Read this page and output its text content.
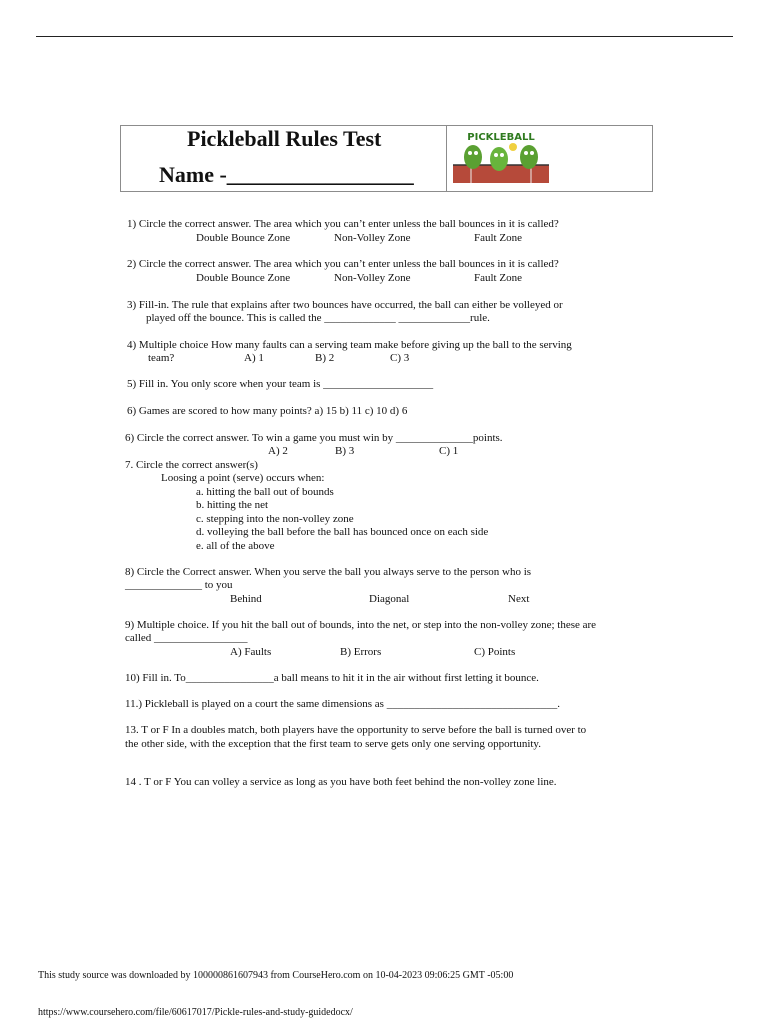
Pickleball Rules Test
Name -_________________
PICKLEBALL
1) Circle the correct answer. The area which you can’t enter unless the ball bounces in it is called?
Double Bounce Zone	Non-Volley Zone	Fault Zone
2) Circle the correct answer. The area which you can’t enter unless the ball bounces in it is called?
Double Bounce Zone	Non-Volley Zone	Fault Zone
3) Fill-in. The rule that explains after two bounces have occurred, the ball can either be volleyed or
played off the bounce. This is called the _____________ _____________rule.
4) Multiple choice How many faults can a serving team make before giving up the ball to the serving
team?	A) 1	B) 2	C) 3
5) Fill in. You only score when your team is ____________________
6) Games are scored to how many points? a) 15 b) 11 c) 10 d) 6
6) Circle the correct answer. To win a game you must win by ______________points.
A) 2	B) 3	C) 1
7. Circle the correct answer(s)
Loosing a point (serve) occurs when:
a. hitting the ball out of bounds
b. hitting the net
c. stepping into the non-volley zone
d. volleying the ball before the ball has bounced once on each side
e. all of the above
8) Circle the Correct answer. When you serve the ball you always serve to the person who is
______________ to you
Behind	Diagonal	Next
9) Multiple choice. If you hit the ball out of bounds, into the net, or step into the non-volley zone; these are
called _________________
A) Faults	B) Errors	C) Points
10) Fill in. To________________a ball means to hit it in the air without first letting it bounce.
11.) Pickleball is played on a court the same dimensions as _______________________________.
13. T or F In a doubles match, both players have the opportunity to serve before the ball is turned over to
the other side, with the exception that the first team to serve gets only one serving opportunity.
14 . T or F You can volley a service as long as you have both feet behind the non-volley zone line.
This study source was downloaded by 100000861607943 from CourseHero.com on 10-04-2023 09:06:25 GMT -05:00
https://www.coursehero.com/file/60617017/Pickle-rules-and-study-guidedocx/
